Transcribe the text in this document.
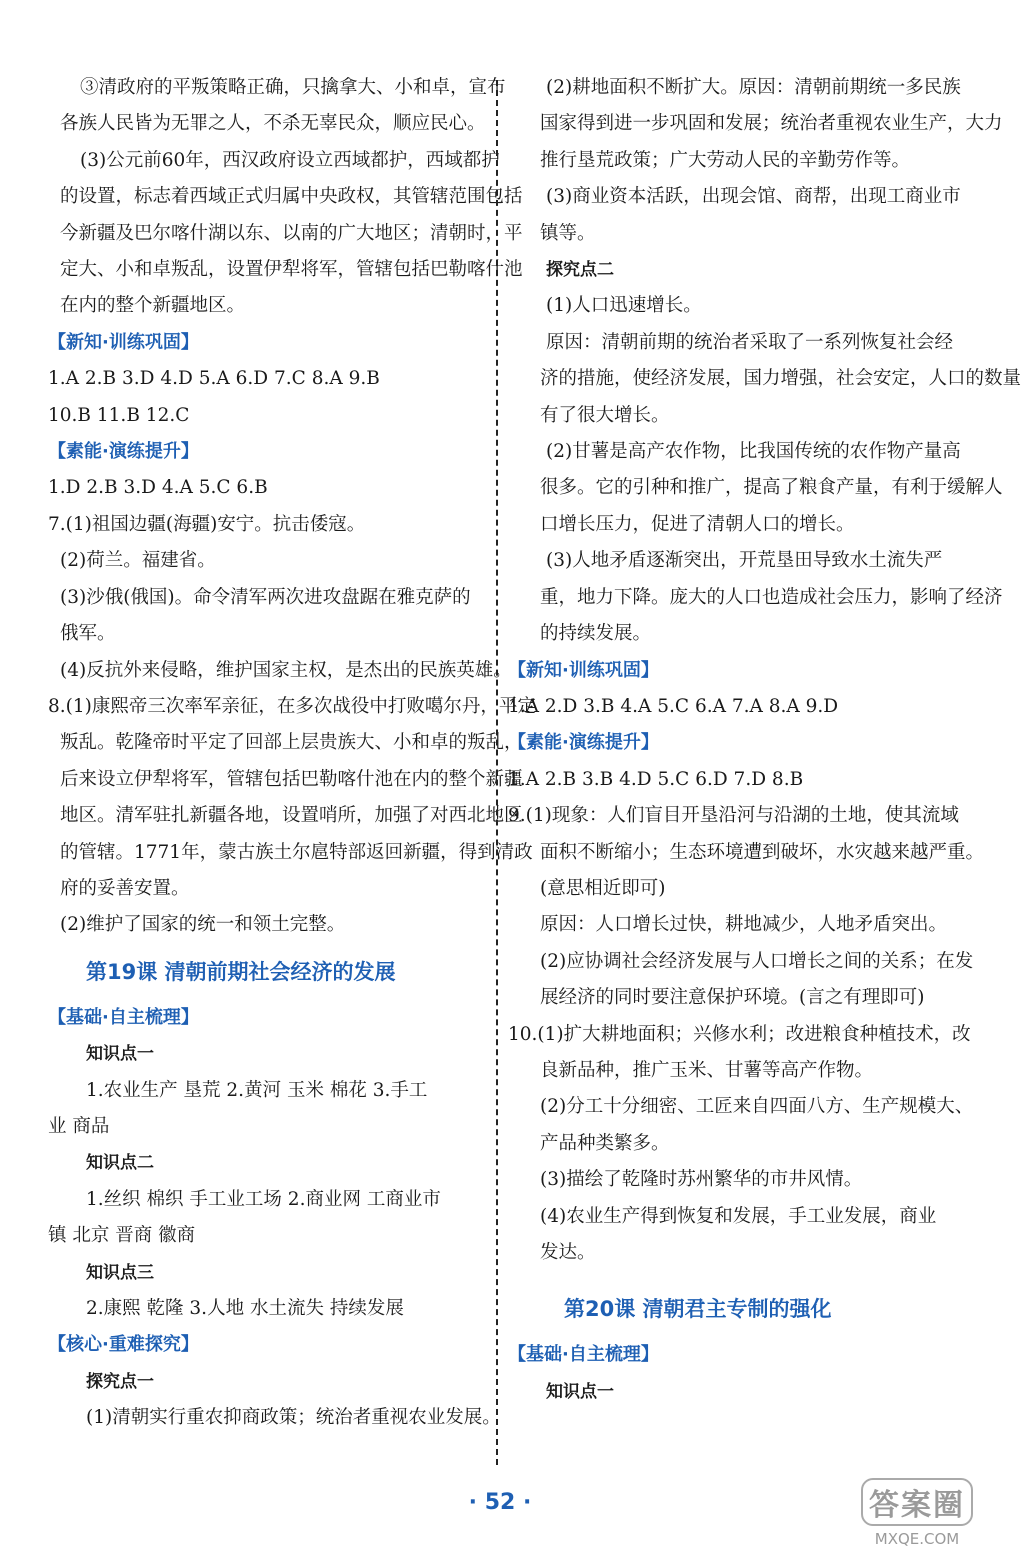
③清政府的平叛策略正确，只擒拿大、小和卓，宣布
各族人民皆为无罪之人，不杀无辜民众，顺应民心。
(3)公元前60年，西汉政府设立西域都护，西域都护
的设置，标志着西域正式归属中央政权，其管辖范围包括
今新疆及巴尔喀什湖以东、以南的广大地区；清朝时，平
定大、小和卓叛乱，设置伊犁将军，管辖包括巴勒喀什池
在内的整个新疆地区。
【新知·训练巩固】
1.A 2.B 3.D 4.D 5.A 6.D 7.C 8.A 9.B
10.B 11.B 12.C
【素能·演练提升】
1.D 2.B 3.D 4.A 5.C 6.B
7.(1)祖国边疆(海疆)安宁。抗击倭寇。
(2)荷兰。福建省。
(3)沙俄(俄国)。命令清军两次进攻盘踞在雅克萨的
俄军。
(4)反抗外来侵略，维护国家主权，是杰出的民族英雄。
8.(1)康熙帝三次率军亲征，在多次战役中打败噶尔丹，平定
叛乱。乾隆帝时平定了回部上层贵族大、小和卓的叛乱，
后来设立伊犁将军，管辖包括巴勒喀什池在内的整个新疆
地区。清军驻扎新疆各地，设置哨所，加强了对西北地区
的管辖。1771年，蒙古族土尔扈特部返回新疆，得到清政
府的妥善安置。
(2)维护了国家的统一和领土完整。
第19课 清朝前期社会经济的发展
【基础·自主梳理】
知识点一
1.农业生产 垦荒 2.黄河 玉米 棉花 3.手工
业 商品
知识点二
1.丝织 棉织 手工业工场 2.商业网 工商业市
镇 北京 晋商 徽商
知识点三
2.康熙 乾隆 3.人地 水土流失 持续发展
【核心·重难探究】
探究点一
(1)清朝实行重农抑商政策；统治者重视农业发展。
(2)耕地面积不断扩大。原因：清朝前期统一多民族
国家得到进一步巩固和发展；统治者重视农业生产，大力
推行垦荒政策；广大劳动人民的辛勤劳作等。
(3)商业资本活跃，出现会馆、商帮，出现工商业市
镇等。
探究点二
(1)人口迅速增长。
原因：清朝前期的统治者采取了一系列恢复社会经
济的措施，使经济发展，国力增强，社会安定，人口的数量
有了很大增长。
(2)甘薯是高产农作物，比我国传统的农作物产量高
很多。它的引种和推广，提高了粮食产量，有利于缓解人
口增长压力，促进了清朝人口的增长。
(3)人地矛盾逐渐突出，开荒垦田导致水土流失严
重，地力下降。庞大的人口也造成社会压力，影响了经济
的持续发展。
【新知·训练巩固】
1.A 2.D 3.B 4.A 5.C 6.A 7.A 8.A 9.D
【素能·演练提升】
1.A 2.B 3.B 4.D 5.C 6.D 7.D 8.B
9.(1)现象：人们盲目开垦沿河与沿湖的土地，使其流域
面积不断缩小；生态环境遭到破坏，水灾越来越严重。
(意思相近即可)
原因：人口增长过快，耕地减少，人地矛盾突出。
(2)应协调社会经济发展与人口增长之间的关系；在发
展经济的同时要注意保护环境。(言之有理即可)
10.(1)扩大耕地面积；兴修水利；改进粮食种植技术，改
良新品种，推广玉米、甘薯等高产作物。
(2)分工十分细密、工匠来自四面八方、生产规模大、
产品种类繁多。
(3)描绘了乾隆时苏州繁华的市井风情。
(4)农业生产得到恢复和发展，手工业发展，商业
发达。
第20课 清朝君主专制的强化
【基础·自主梳理】
知识点一
· 52 ·	答案圈
MXQE.COM
